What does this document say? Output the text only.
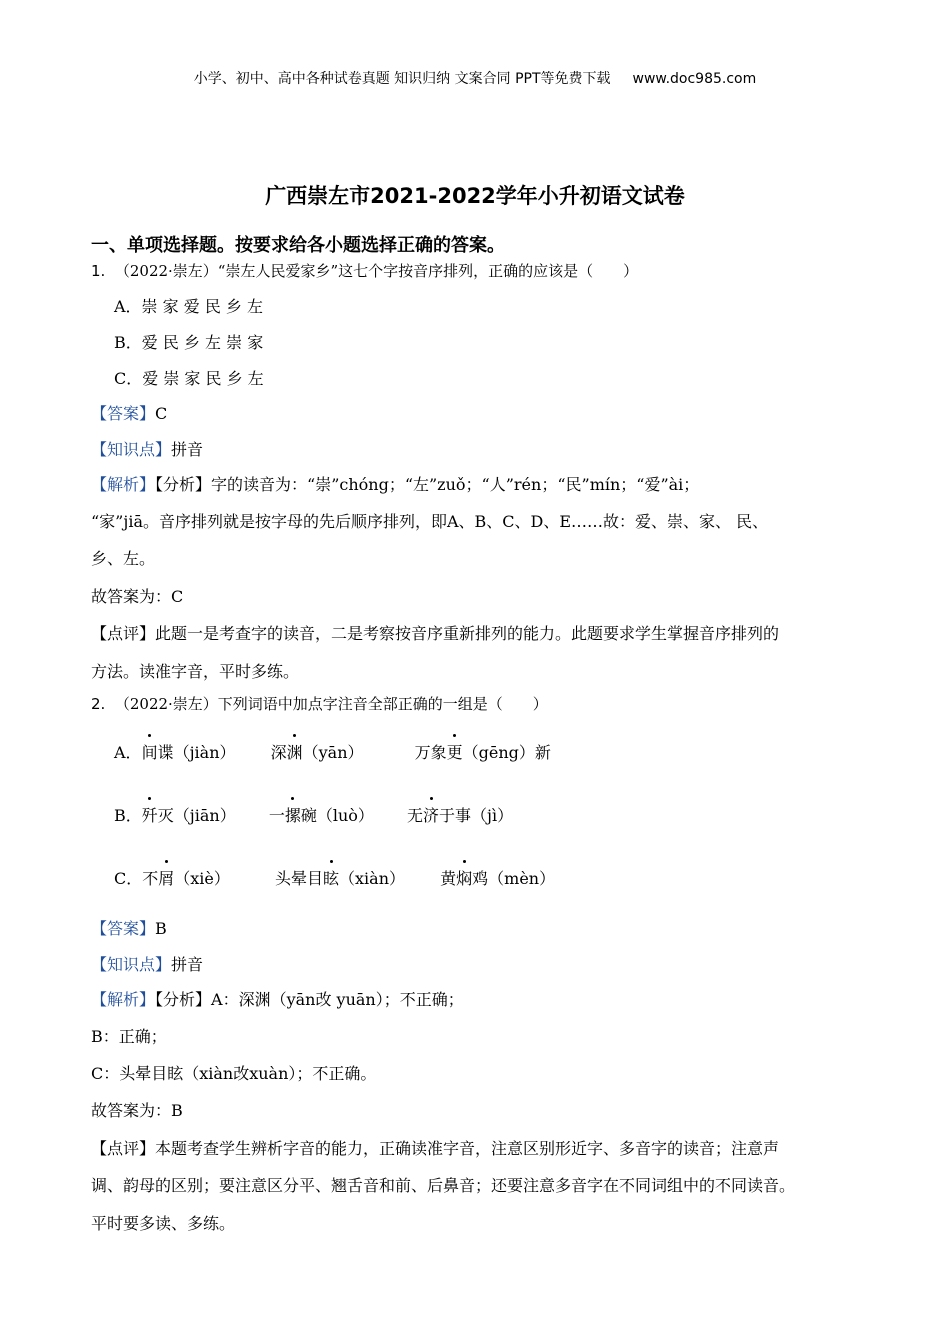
小学、初中、高中各种试卷真题 知识归纳 文案合同 PPT等免费下载 www.doc985.com
广西崇左市2021-2022学年小升初语文试卷
一、单项选择题。按要求给各小题选择正确的答案。
1. （2022·崇左）“崇左人民爱家乡”这七个字按音序排列，正确的应该是（　　）
A．崇 家 爱 民 乡 左
B．爱 民 乡 左 崇 家
C．爱 崇 家 民 乡 左
【答案】C
【知识点】拼音
【解析】【分析】字的读音为：“崇”chóng；“左”zuǒ；“人”rén；“民”mín；“爱”ài；
“家”jiā。音序排列就是按字母的先后顺序排列，即A、B、C、D、E……故：爱、崇、家、 民、
乡、左。
故答案为：C
【点评】此题一是考查字的读音，二是考察按音序重新排列的能力。此题要求学生掌握音序排列的
方法。读准字音，平时多练。
2. （2022·崇左）下列词语中加点字注音全部正确的一组是（　　）
A．间谍（jiàn） 深渊（yān）	万象更（gēng）新
B．歼灭（jiān） 一摞碗（luò） 无济于事（jì）
C．不屑（xiè）	头晕目眩（xiàn） 黄焖鸡（mèn）
【答案】B
【知识点】拼音
【解析】【分析】A：深渊（yān改 yuān）；不正确；
B：正确；
C：头晕目眩（xiàn改xuàn）；不正确。
故答案为：B
【点评】本题考查学生辨析字音的能力，正确读准字音，注意区别形近字、多音字的读音；注意声
调、韵母的区别；要注意区分平、翘舌音和前、后鼻音；还要注意多音字在不同词组中的不同读音。
平时要多读、多练。
